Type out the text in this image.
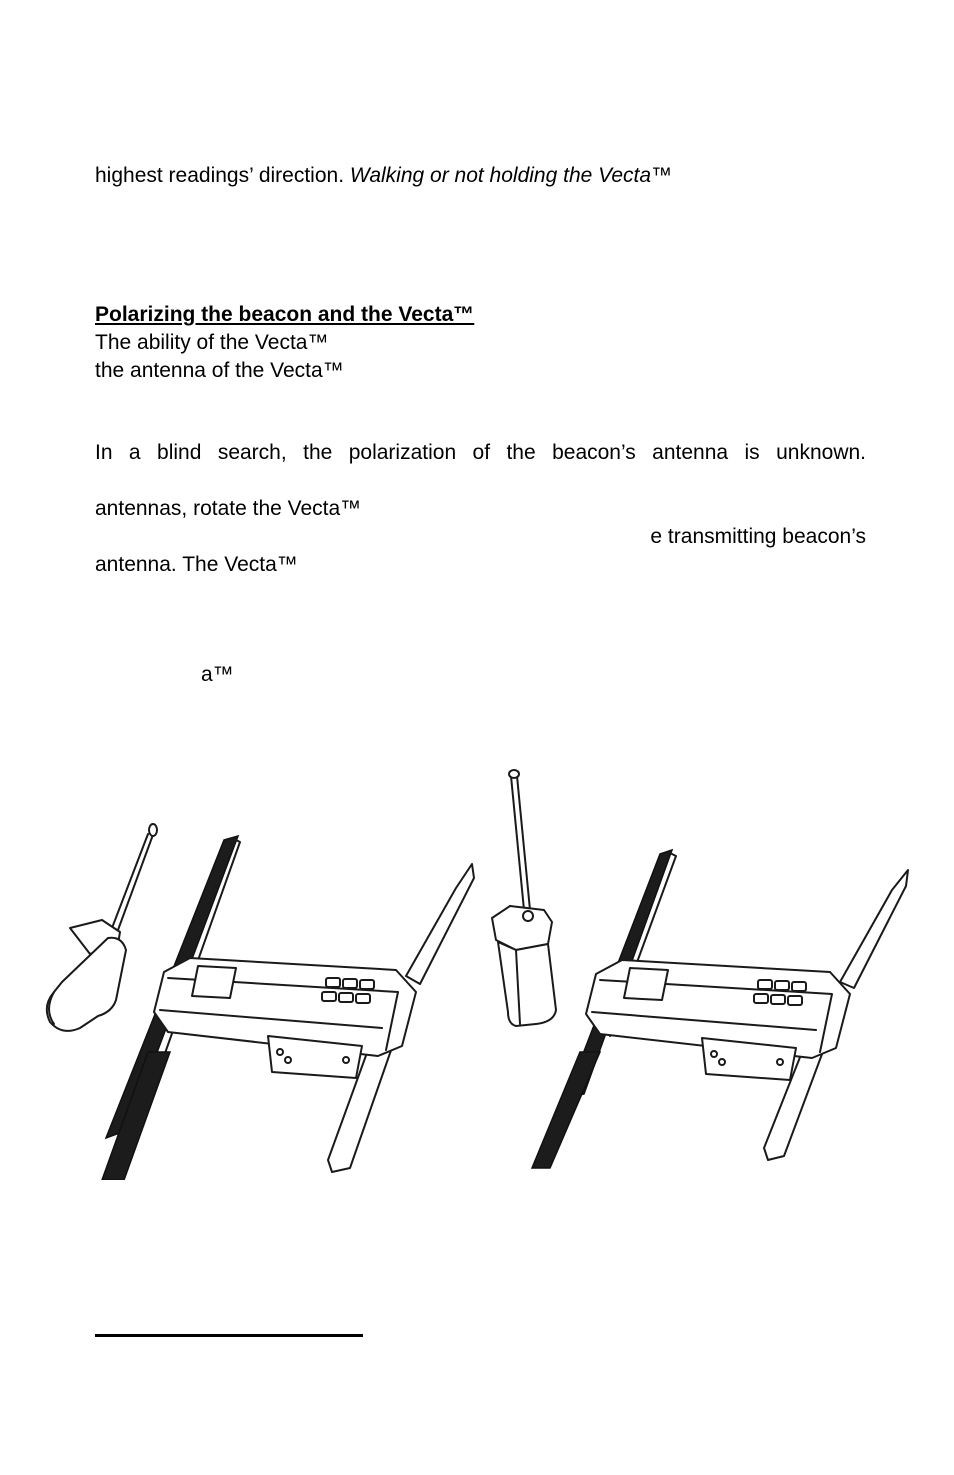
highest readings’ direction. Walking or not holding the Vecta™
Polarizing the beacon and the Vecta™
The ability of the Vecta™
the antenna of the Vecta™
In a blind search, the polarization of the beacon’s antenna is unknown.
antennas, rotate the Vecta™
e transmitting beacon’s
antenna. The Vecta™
a™
